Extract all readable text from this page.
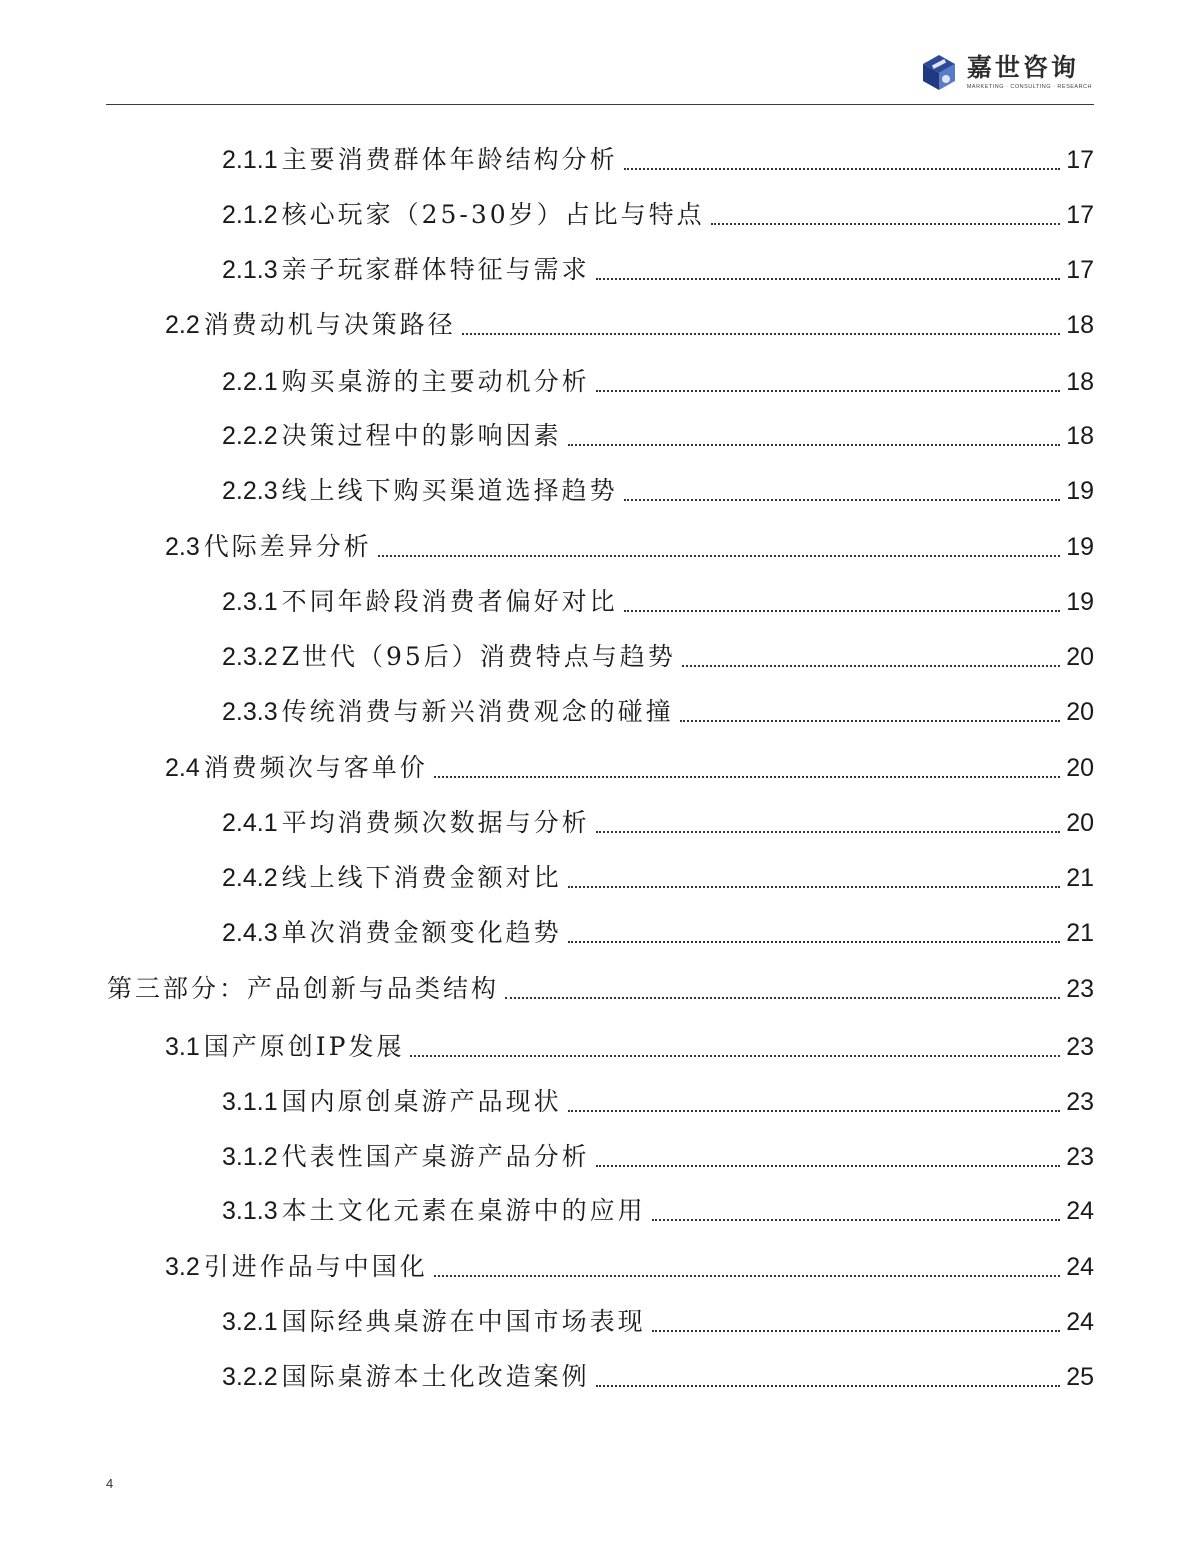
嘉世咨询
MARKETING · CONSULTING · RESEARCH
2.1.1 主要消费群体年龄结构分析	17
2.1.2 核心玩家（25-30岁）占比与特点	17
2.1.3 亲子玩家群体特征与需求	17
2.2 消费动机与决策路径	18
2.2.1 购买桌游的主要动机分析	18
2.2.2 决策过程中的影响因素	18
2.2.3 线上线下购买渠道选择趋势	19
2.3 代际差异分析	19
2.3.1 不同年龄段消费者偏好对比	19
2.3.2 Z世代（95后）消费特点与趋势	20
2.3.3 传统消费与新兴消费观念的碰撞	20
2.4 消费频次与客单价	20
2.4.1 平均消费频次数据与分析	20
2.4.2 线上线下消费金额对比	21
2.4.3 单次消费金额变化趋势	21
第三部分：产品创新与品类结构	23
3.1 国产原创IP发展	23
3.1.1 国内原创桌游产品现状	23
3.1.2 代表性国产桌游产品分析	23
3.1.3 本土文化元素在桌游中的应用	24
3.2 引进作品与中国化	24
3.2.1 国际经典桌游在中国市场表现	24
3.2.2 国际桌游本土化改造案例	25
4
